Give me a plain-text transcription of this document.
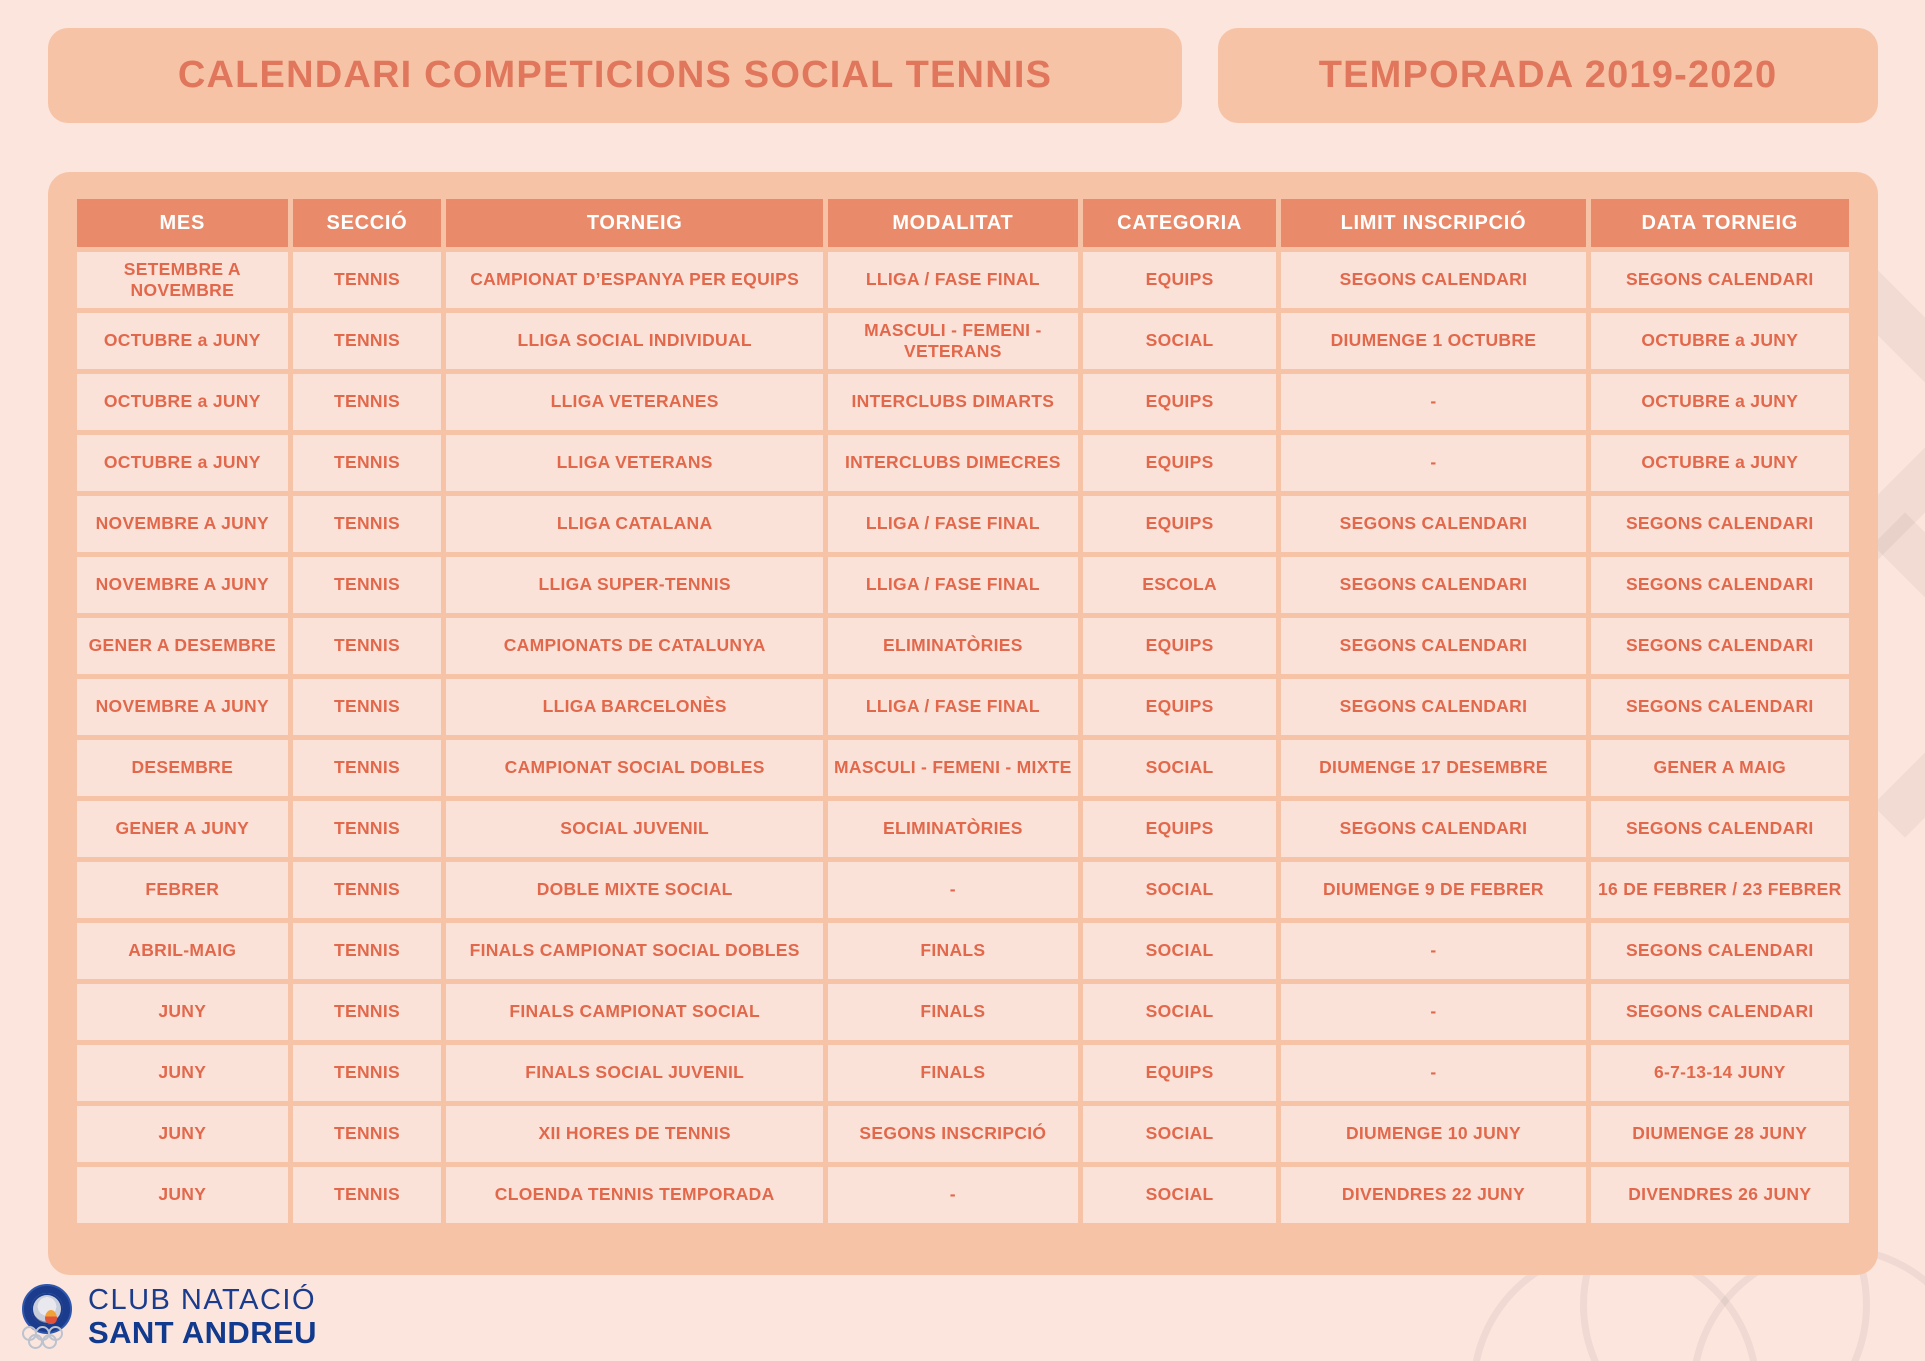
CALENDARI COMPETICIONS SOCIAL TENNIS	TEMPORADA 2019-2020
MES	SECCIÓ	TORNEIG	MODALITAT	CATEGORIA	LIMIT INSCRIPCIÓ	DATA TORNEIG
SETEMBRE A NOVEMBRE	TENNIS	CAMPIONAT D’ESPANYA PER EQUIPS	LLIGA / FASE FINAL	EQUIPS	SEGONS CALENDARI	SEGONS CALENDARI
OCTUBRE a JUNY	TENNIS	LLIGA SOCIAL INDIVIDUAL	MASCULI - FEMENI - VETERANS	SOCIAL	DIUMENGE 1 OCTUBRE	OCTUBRE a JUNY
OCTUBRE a JUNY	TENNIS	LLIGA VETERANES	INTERCLUBS DIMARTS	EQUIPS	-	OCTUBRE a JUNY
OCTUBRE a JUNY	TENNIS	LLIGA VETERANS	INTERCLUBS DIMECRES	EQUIPS	-	OCTUBRE a JUNY
NOVEMBRE A JUNY	TENNIS	LLIGA CATALANA	LLIGA / FASE FINAL	EQUIPS	SEGONS CALENDARI	SEGONS CALENDARI
NOVEMBRE A JUNY	TENNIS	LLIGA SUPER-TENNIS	LLIGA / FASE FINAL	ESCOLA	SEGONS CALENDARI	SEGONS CALENDARI
GENER A DESEMBRE	TENNIS	CAMPIONATS DE CATALUNYA	ELIMINATÒRIES	EQUIPS	SEGONS CALENDARI	SEGONS CALENDARI
NOVEMBRE A JUNY	TENNIS	LLIGA BARCELONÈS	LLIGA / FASE FINAL	EQUIPS	SEGONS CALENDARI	SEGONS CALENDARI
DESEMBRE	TENNIS	CAMPIONAT SOCIAL DOBLES	MASCULI - FEMENI - MIXTE	SOCIAL	DIUMENGE 17 DESEMBRE	GENER A MAIG
GENER A JUNY	TENNIS	SOCIAL JUVENIL	ELIMINATÒRIES	EQUIPS	SEGONS CALENDARI	SEGONS CALENDARI
FEBRER	TENNIS	DOBLE MIXTE SOCIAL	-	SOCIAL	DIUMENGE 9 DE FEBRER	16 DE FEBRER / 23 FEBRER
ABRIL-MAIG	TENNIS	FINALS CAMPIONAT SOCIAL DOBLES	FINALS	SOCIAL	-	SEGONS CALENDARI
JUNY	TENNIS	FINALS CAMPIONAT SOCIAL	FINALS	SOCIAL	-	SEGONS CALENDARI
JUNY	TENNIS	FINALS SOCIAL JUVENIL	FINALS	EQUIPS	-	6-7-13-14 JUNY
JUNY	TENNIS	XII HORES DE TENNIS	SEGONS INSCRIPCIÓ	SOCIAL	DIUMENGE 10 JUNY	DIUMENGE 28 JUNY
JUNY	TENNIS	CLOENDA TENNIS TEMPORADA	-	SOCIAL	DIVENDRES 22 JUNY	DIVENDRES 26 JUNY
CLUB NATACIÓ
SANT ANDREU
